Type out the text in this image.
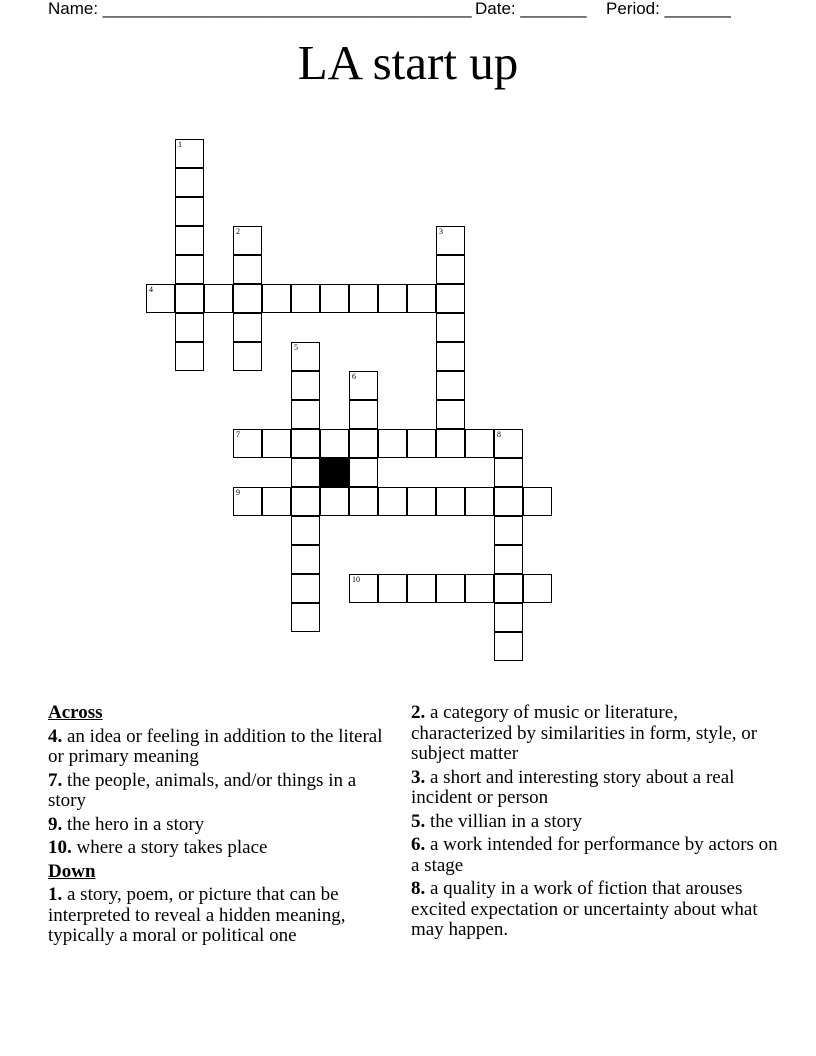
Name: _______________________________________ Date: _______ Period: _______
LA start up
1
2	3
4
5
6
7	8
9
10
Across
4. an idea or feeling in addition to the literal or primary meaning
7. the people, animals, and/or things in a story
9. the hero in a story
10. where a story takes place
Down
1. a story, poem, or picture that can be interpreted to reveal a hidden meaning, typically a moral or political one
2. a category of music or literature, characterized by similarities in form, style, or subject matter
3. a short and interesting story about a real incident or person
5. the villian in a story
6. a work intended for performance by actors on a stage
8. a quality in a work of fiction that arouses excited expectation or uncertainty about what may happen.
